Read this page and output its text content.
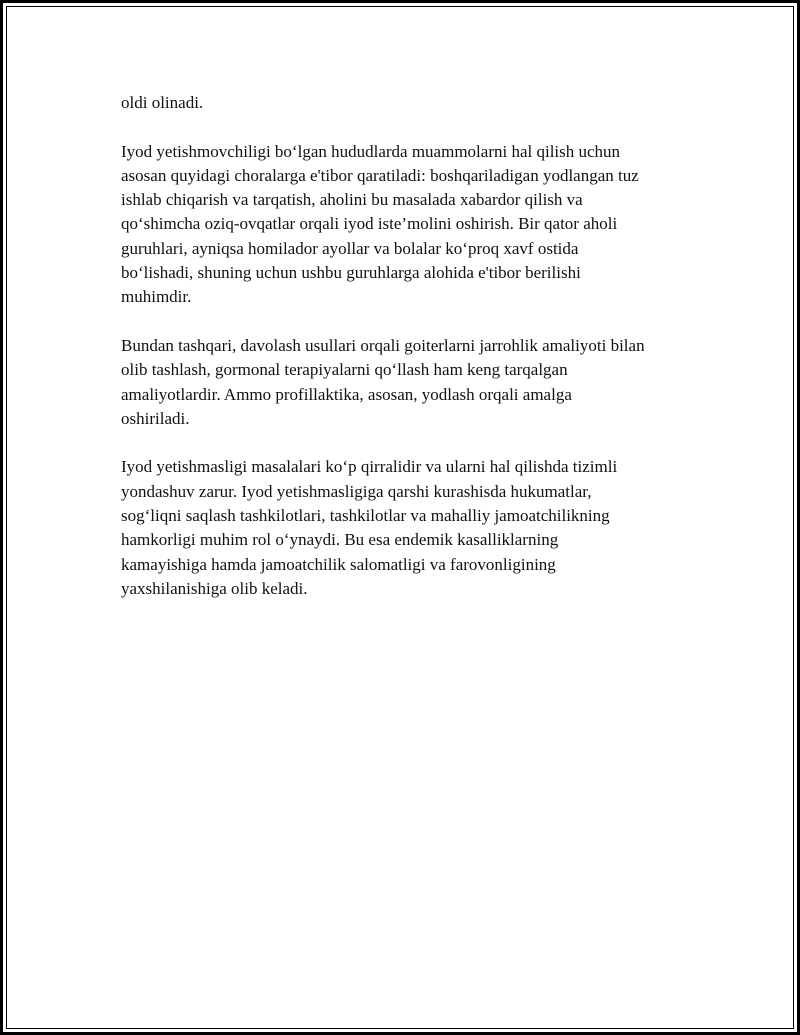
oldi olinadi.

Iyod yetishmovchiligi bo‘lgan hududlarda muammolarni hal qilish uchun
asosan quyidagi choralarga e'tibor qaratiladi: boshqariladigan yodlangan tuz
ishlab chiqarish va tarqatish, aholini bu masalada xabardor qilish va
qo‘shimcha oziq-ovqatlar orqali iyod iste’molini oshirish. Bir qator aholi
guruhlari, ayniqsa homilador ayollar va bolalar ko‘proq xavf ostida
bo‘lishadi, shuning uchun ushbu guruhlarga alohida e'tibor berilishi
muhimdir.

Bundan tashqari, davolash usullari orqali goiterlarni jarrohlik amaliyoti bilan
olib tashlash, gormonal terapiyalarni qo‘llash ham keng tarqalgan
amaliyotlardir. Ammo profillaktika, asosan, yodlash orqali amalga
oshiriladi.

Iyod yetishmasligi masalalari ko‘p qirralidir va ularni hal qilishda tizimli
yondashuv zarur. Iyod yetishmasligiga qarshi kurashisda hukumatlar,
sog‘liqni saqlash tashkilotlari, tashkilotlar va mahalliy jamoatchilikning
hamkorligi muhim rol o‘ynaydi. Bu esa endemik kasalliklarning
kamayishiga hamda jamoatchilik salomatligi va farovonligining
yaxshilanishiga olib keladi.
